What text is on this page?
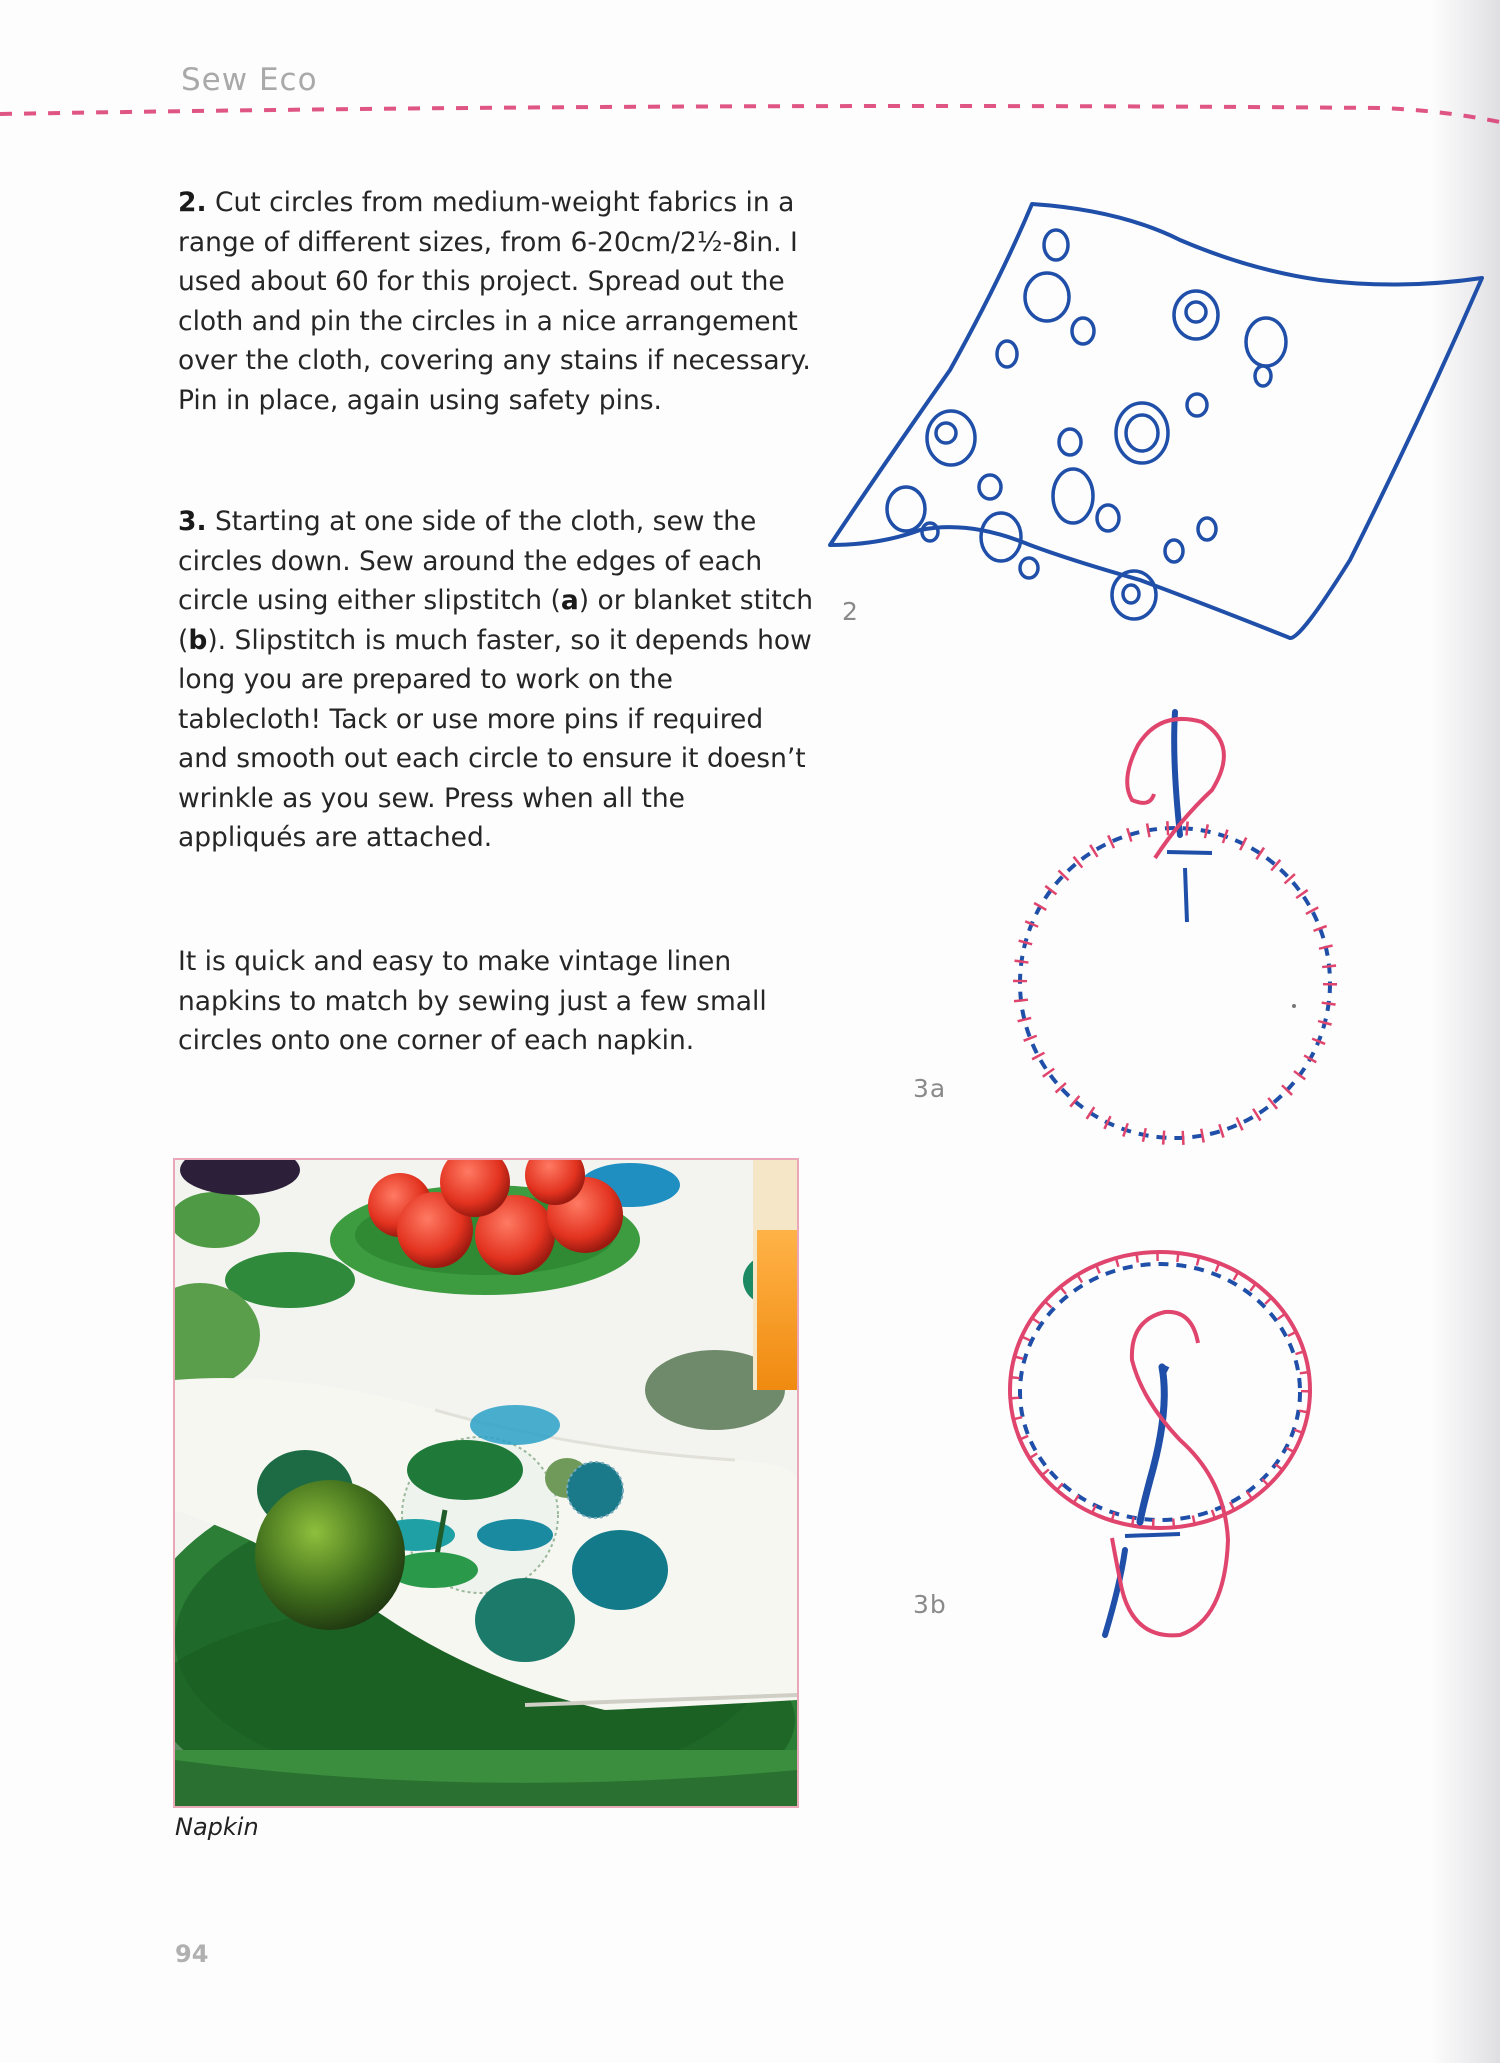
Sew Eco
2. Cut circles from medium-weight fabrics in a range of different sizes, from 6-20cm/2½-8in. I used about 60 for this project. Spread out the cloth and pin the circles in a nice arrangement over the cloth, covering any stains if necessary. Pin in place, again using safety pins.
3. Starting at one side of the cloth, sew the circles down. Sew around the edges of each circle using either slipstitch (a) or blanket stitch (b). Slipstitch is much faster, so it depends how long you are prepared to work on the tablecloth! Tack or use more pins if required and smooth out each circle to ensure it doesn’t wrinkle as you sew. Press when all the appliqués are attached.
It is quick and easy to make vintage linen napkins to match by sewing just a few small circles onto one corner of each napkin.
2
3a
3b
Napkin
94
